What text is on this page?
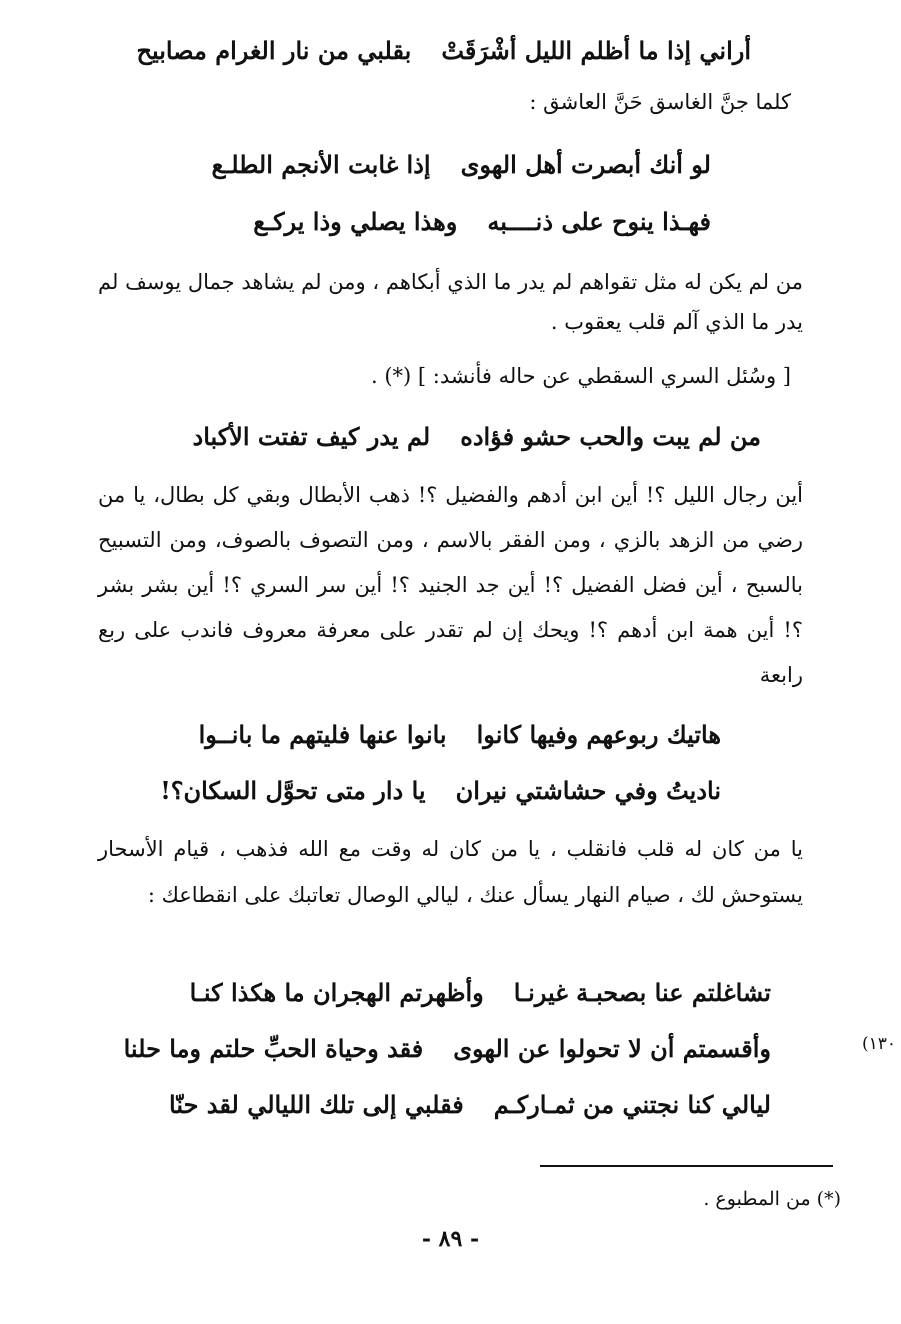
أراني إذا ما أظلم الليل أشْرَقَتْ
بقلبي من نار الغرام مصابيح
كلما جنَّ الغاسق حَنَّ العاشق :
لو أنك أبصرت أهل الهوى
إذا غابت الأنجم الطلـع
فهـذا ينوح على ذنــــبه
وهذا يصلي وذا يركـع
من لم يكن له مثل تقواهم لم يدر ما الذي أبكاهم ، ومن لم يشاهد جمال يوسف لم يدر ما الذي آلم قلب يعقوب .
[ وسُئل السري السقطي عن حاله فأنشد: ] (*) .
من لم يبت والحب حشو فؤاده
لم يدر كيف تفتت الأكباد
أين رجال الليل ؟! أين ابن أدهم والفضيل ؟! ذهب الأبطال وبقي كل بطال، يا من رضي من الزهد بالزي ، ومن الفقر بالاسم ، ومن التصوف بالصوف، ومن التسبيح بالسبح ، أين فضل الفضيل ؟! أين جد الجنيد ؟! أين سر السري ؟! أين بشر بشر ؟! أين همة ابن أدهم ؟! ويحك إن لم تقدر على معرفة معروف فاندب على ربع رابعة
هاتيك ربوعهم وفيها كانوا
بانوا عنها فليتهم ما بانــوا
ناديتُ وفي حشاشتي نيران
يا دار متى تحوَّل السكان؟!
يا من كان له قلب فانقلب ، يا من كان له وقت مع الله فذهب ، قيام الأسحار يستوحش لك ، صيام النهار يسأل عنك ، ليالي الوصال تعاتبك على انقطاعك :
تشاغلتم عنا بصحبـة غيرنـا
وأظهرتم الهجران ما هكذا كنـا
وأقسمتم أن لا تحولوا عن الهوى
فقد وحياة الحبِّ حلتم وما حلنا
ليالي كنا نجتني من ثمـاركـم
فقلبي إلى تلك الليالي لقد حنّا
١٣٠)
(*) من المطبوع .
- ٨٩ -
